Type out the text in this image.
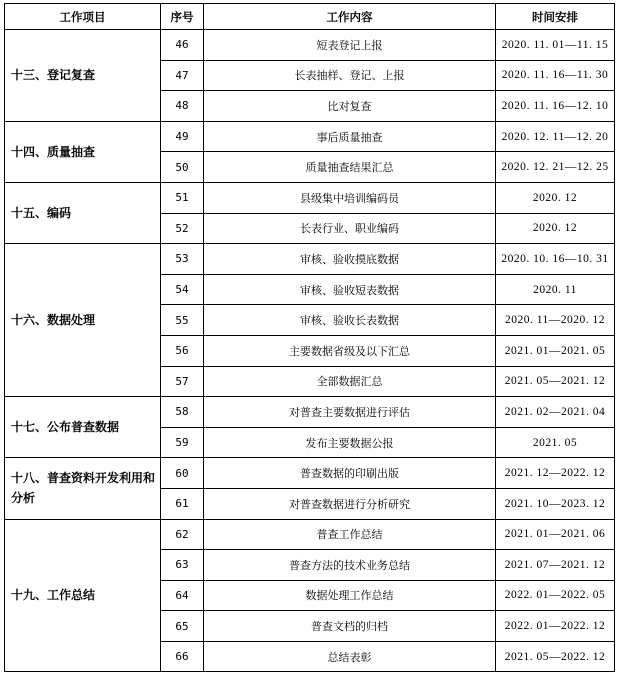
工作项目	序号	工作内容	时间安排
十三、登记复查	46	短表登记上报	2020. 11. 01—11. 15
	47	长表抽样、登记、上报	2020. 11. 16—11. 30
	48	比对复查	2020. 11. 16—12. 10
十四、质量抽查	49	事后质量抽查	2020. 12. 11—12. 20
	50	质量抽查结果汇总	2020. 12. 21—12. 25
十五、编码	51	县级集中培训编码员	2020. 12
	52	长表行业、职业编码	2020. 12
十六、数据处理	53	审核、验收摸底数据	2020. 10. 16—10. 31
	54	审核、验收短表数据	2020. 11
	55	审核、验收长表数据	2020. 11—2020. 12
	56	主要数据省级及以下汇总	2021. 01—2021. 05
	57	全部数据汇总	2021. 05—2021. 12
十七、公布普查数据	58	对普查主要数据进行评估	2021. 02—2021. 04
	59	发布主要数据公报	2021. 05
十八、普查资料开发利用和分析	60	普查数据的印刷出版	2021. 12—2022. 12
	61	对普查数据进行分析研究	2021. 10—2023. 12
十九、工作总结	62	普查工作总结	2021. 01—2021. 06
	63	普查方法的技术业务总结	2021. 07—2021. 12
	64	数据处理工作总结	2022. 01—2022. 05
	65	普查文档的归档	2022. 01—2022. 12
	66	总结表彰	2021. 05—2022. 12
